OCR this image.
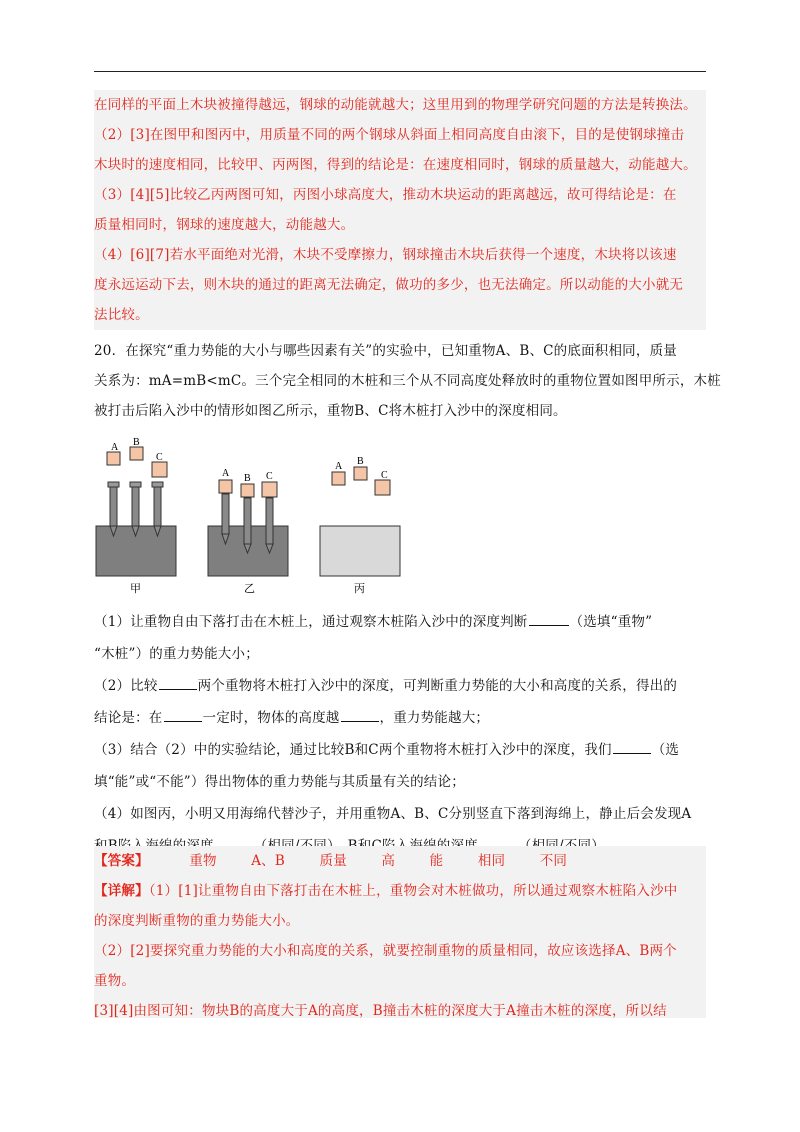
在同样的平面上木块被撞得越远，钢球的动能就越大；这里用到的物理学研究问题的方法是转换法。
（2）[3]在图甲和图丙中，用质量不同的两个钢球从斜面上相同高度自由滚下，目的是使钢球撞击
木块时的速度相同，比较甲、丙两图，得到的结论是：在速度相同时，钢球的质量越大，动能越大。
（3）[4][5]比较乙丙两图可知，丙图小球高度大，推动木块运动的距离越远，故可得结论是：在
质量相同时，钢球的速度越大，动能越大。
（4）[6][7]若水平面绝对光滑，木块不受摩擦力，钢球撞击木块后获得一个速度，木块将以该速
度永远运动下去，则木块的通过的距离无法确定，做功的多少，也无法确定。所以动能的大小就无
法比较。
20．在探究“重力势能的大小与哪些因素有关”的实验中，已知重物A、B、C的底面积相同，质量
关系为：mA=mB<mC。三个完全相同的木桩和三个从不同高度处释放时的重物位置如图甲所示，木桩
被打击后陷入沙中的情形如图乙所示，重物B、C将木桩打入沙中的深度相同。
A B
C
甲
A B C
乙
A B
C
丙
（1）让重物自由下落打击在木桩上，通过观察木桩陷入沙中的深度判断	（选填“重物”
“木桩”）的重力势能大小；
（2）比较	两个重物将木桩打入沙中的深度，可判断重力势能的大小和高度的关系，得出的
结论是：在	一定时，物体的高度越	，重力势能越大；
（3）结合（2）中的实验结论，通过比较B和C两个重物将木桩打入沙中的深度，我们	（选
填“能”或“不能”）得出物体的重力势能与其质量有关的结论；
（4）如图丙，小明又用海绵代替沙子，并用重物A、B、C分别竖直下落到海绵上，静止后会发现A
【答案】	重物	A、B	质量	高	能	相同	不同
【详解】（1）[1]让重物自由下落打击在木桩上，重物会对木桩做功，所以通过观察木桩陷入沙中
的深度判断重物的重力势能大小。
（2）[2]要探究重力势能的大小和高度的关系，就要控制重物的质量相同，故应该选择A、B两个
重物。
[3][4]由图可知：物块B的高度大于A的高度，B撞击木桩的深度大于A撞击木桩的深度，所以结
